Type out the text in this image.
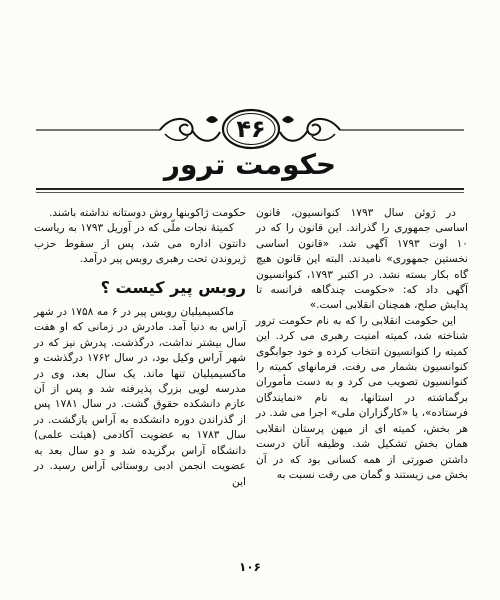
۴۶
حکومت ترور

در ژوئن سال ۱۷۹۳ کنوانسیون، قانون اساسی جمهوری را گذراند. این قانون را که در ۱۰ اوت ۱۷۹۳ آگهی شد، «قانون اساسی نخستین جمهوری» نامیدند. البته این قانون هیچ گاه بکار بسته نشد. در اکتبر ۱۷۹۳، کنوانسیون آگهی داد که: «حکومت چندگاهه فرانسه تا پدایش صلح، همچنان انقلابی است.»

این حکومت انقلابی را که به نام حکومت ترور شناخته شد، کمیته امنیت رهبری می کرد. این کمیته را کنوانسیون انتخاب کرده و خود جوابگوی کنوانسیون بشمار می رفت. فرمانهای کمیته را کنوانسیون تصویب می کرد و به دست مأموران برگماشته در استانها، به نام «نمایندگان فرستاده»، یا «کارگزاران ملی» اجرا می شد. در هر بخش، کمیته ای از میهن پرستان انقلابی همان بخش تشکیل شد. وظیفه آنان درست داشتن صورتی از همه کسانی بود که در آن بخش می زیستند و گمان می رفت نسبت به

حکومت ژاکوبنها روش دوستانه نداشته باشند.

کمیتهٔ نجات ملّی که در آوریل ۱۷۹۳ به ریاست دانتون اداره می شد، پس از سقوط حزب ژیروندن تحت رهبری روبس پیر درآمد.

روبس پیر کیست ؟

ماکسیمیلیان روبس پیر در ۶ مه ۱۷۵۸ در شهر آراس به دنیا آمد. مادرش در زمانی که او هفت سال بیشتر نداشت، درگذشت. پدرش نیز که در شهر آراس وکیل بود، در سال ۱۷۶۲ درگذشت و ماکسیمیلیان تنها ماند. یک سال بعد، وی در مدرسه لویی بزرگ پذیرفته شد و پس از آن عازم دانشکده حقوق گشت. در سال ۱۷۸۱ پس از گذراندن دوره دانشکده به آراس بازگشت. در سال ۱۷۸۳ به عضویت آکادمی (هیئت علمی) دانشگاه آراس برگزیده شد و دو سال بعد به عضویت انجمن ادبی روستائی آراس رسید. در این

۱۰۶
